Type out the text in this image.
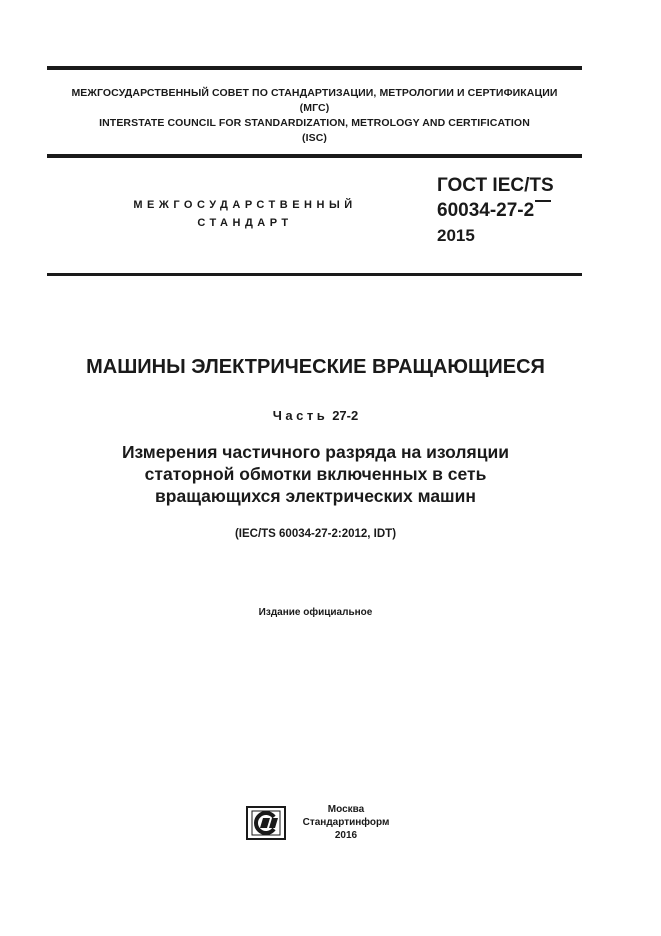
МЕЖГОСУДАРСТВЕННЫЙ СОВЕТ ПО СТАНДАРТИЗАЦИИ, МЕТРОЛОГИИ И СЕРТИФИКАЦИИ
(МГС)
INTERSTATE COUNCIL FOR STANDARDIZATION, METROLOGY AND CERTIFICATION
(ISC)
МЕЖГОСУДАРСТВЕННЫЙ
СТАНДАРТ
ГОСТ IEC/TS
60034-27-2
2015
МАШИНЫ ЭЛЕКТРИЧЕСКИЕ ВРАЩАЮЩИЕСЯ
Часть 27-2
Измерения частичного разряда на изоляции
статорной обмотки включенных в сеть
вращающихся электрических машин
(IEC/TS 60034-27-2:2012, IDT)
Издание официальное
Москва
Стандартинформ
2016
